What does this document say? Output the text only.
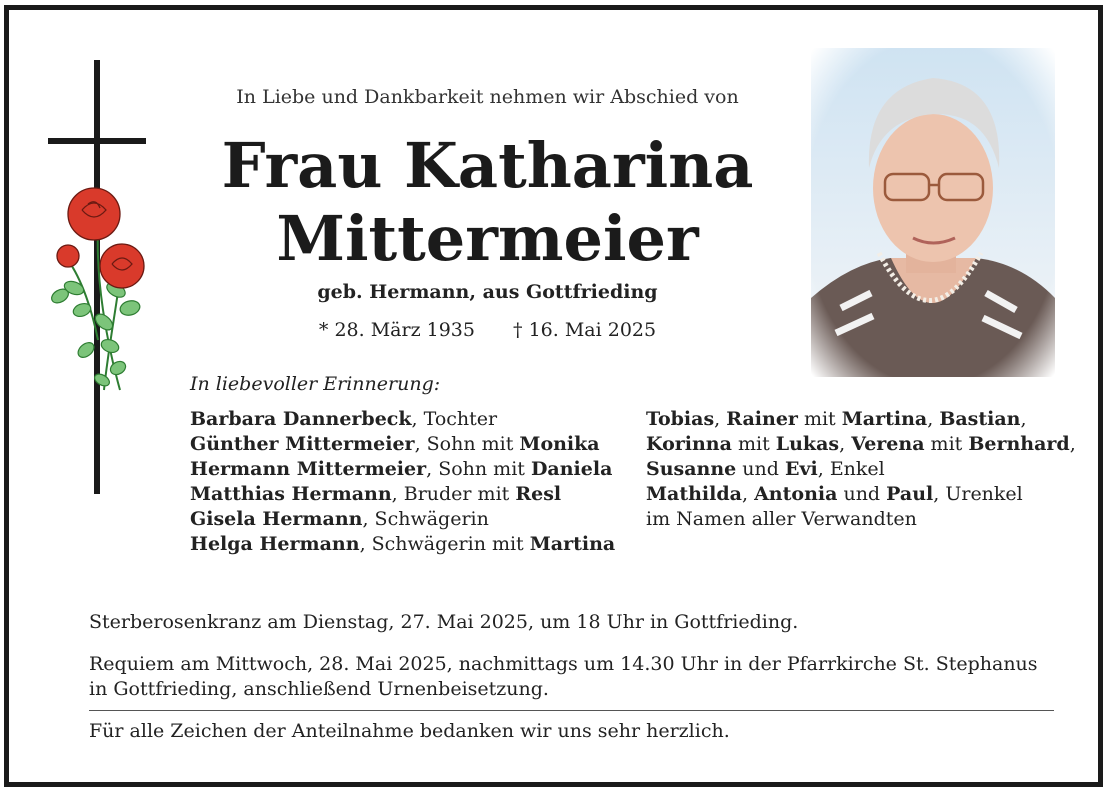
In Liebe und Dankbarkeit nehmen wir Abschied von
Frau Katharina
Mittermeier
geb. Hermann, aus Gottfrieding
* 28. März 1935 † 16. Mai 2025
In liebevoller Erinnerung:
Barbara Dannerbeck, Tochter
Günther Mittermeier, Sohn mit Monika
Hermann Mittermeier, Sohn mit Daniela
Matthias Hermann, Bruder mit Resl
Gisela Hermann, Schwägerin
Helga Hermann, Schwägerin mit Martina
Tobias, Rainer mit Martina, Bastian,
Korinna mit Lukas, Verena mit Bernhard,
Susanne und Evi, Enkel
Mathilda, Antonia und Paul, Urenkel
im Namen aller Verwandten
Sterberosenkranz am Dienstag, 27. Mai 2025, um 18 Uhr in Gottfrieding.
Requiem am Mittwoch, 28. Mai 2025, nachmittags um 14.30 Uhr in der Pfarrkirche St. Stephanus in Gottfrieding, anschließend Urnenbeisetzung.
Für alle Zeichen der Anteilnahme bedanken wir uns sehr herzlich.
